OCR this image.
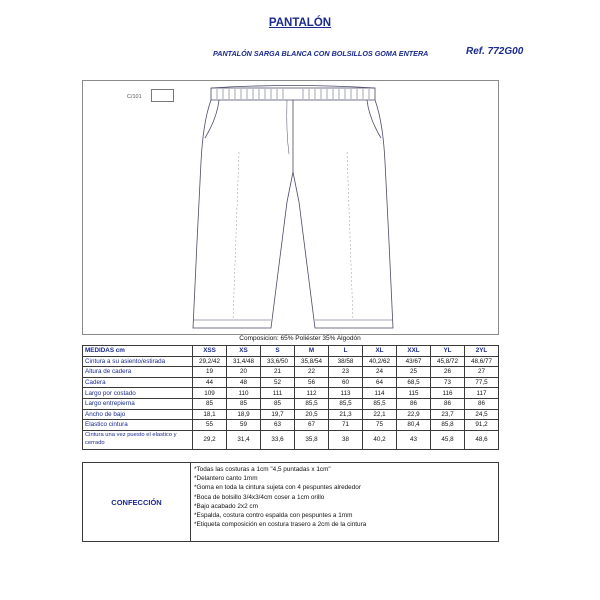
PANTALÓN
PANTALÓN SARGA BLANCA CON BOLSILLOS GOMA ENTERA	Ref. 772G00
C/101
Composicion: 65% Poliéster 35% Algodón
MEDIDAS cm	XSS	XS	S	M	L	XL	XXL	YL	2YL
Cintura a su asiento/estirada	29,2/42	31,4/48	33,6/50	35,8/54	38/58	40,2/62	43/67	45,8/72	48,6/77
Altura de cadera	19	20	21	22	23	24	25	26	27
Cadera	44	48	52	56	60	64	68,5	73	77,5
Largo por costado	109	110	111	112	113	114	115	116	117
Largo entrepierna	85	85	85	85,5	85,5	85,5	86	86	86
Ancho de bajo	18,1	18,9	19,7	20,5	21,3	22,1	22,9	23,7	24,5
Elastico cintura	55	59	63	67	71	75	80,4	85,8	91,2
Cintura una vez puesto el elastico y cerrado	29,2	31,4	33,6	35,8	38	40,2	43	45,8	48,6
CONFECCIÓN
*Todas las costuras a 1cm "4,5 puntadas x 1cm"
*Delantero canto 1mm
*Goma en toda la cintura sujeta con 4 pespuntes alrededor
*Boca de bolsillo 3/4x3/4cm coser a 1cm orillo
*Bajo acabado 2x2 cm
*Espalda, costura contro espalda con pespuntes a 1mm
*Etiqueta composición en costura trasero a 2cm de la cintura
